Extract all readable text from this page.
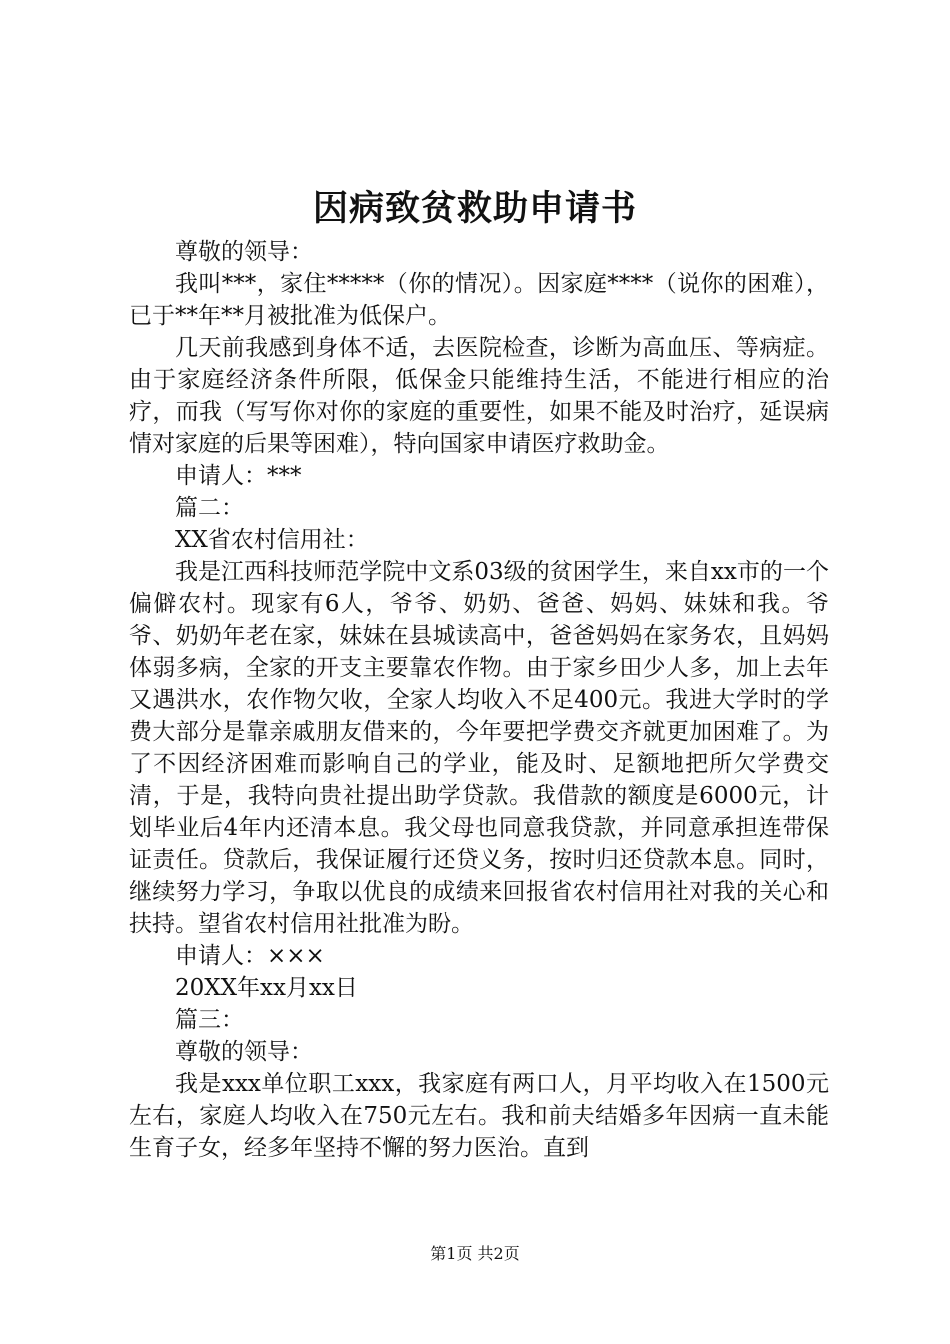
因病致贫救助申请书

尊敬的领导：

我叫***，家住*****（你的情况）。因家庭****（说你的困难），已于**年**月被批准为低保户。

几天前我感到身体不适，去医院检查，诊断为高血压、等病症。由于家庭经济条件所限，低保金只能维持生活，不能进行相应的治疗，而我（写写你对你的家庭的重要性，如果不能及时治疗，延误病情对家庭的后果等困难），特向国家申请医疗救助金。

申请人：***

篇二：

XX省农村信用社：

我是江西科技师范学院中文系03级的贫困学生，来自xx市的一个偏僻农村。现家有6人，爷爷、奶奶、爸爸、妈妈、妹妹和我。爷爷、奶奶年老在家，妹妹在县城读高中，爸爸妈妈在家务农，且妈妈体弱多病，全家的开支主要靠农作物。由于家乡田少人多，加上去年又遇洪水，农作物欠收，全家人均收入不足400元。我进大学时的学费大部分是靠亲戚朋友借来的，今年要把学费交齐就更加困难了。为了不因经济困难而影响自己的学业，能及时、足额地把所欠学费交清，于是，我特向贵社提出助学贷款。我借款的额度是6000元，计划毕业后4年内还清本息。我父母也同意我贷款，并同意承担连带保证责任。贷款后，我保证履行还贷义务，按时归还贷款本息。同时，继续努力学习，争取以优良的成绩来回报省农村信用社对我的关心和扶持。望省农村信用社批准为盼。

申请人：×××

20XX年xx月xx日

篇三：

尊敬的领导：

我是xxx单位职工xxx，我家庭有两口人，月平均收入在1500元左右，家庭人均收入在750元左右。我和前夫结婚多年因病一直未能生育子女，经多年坚持不懈的努力医治。直到

第1页 共2页
